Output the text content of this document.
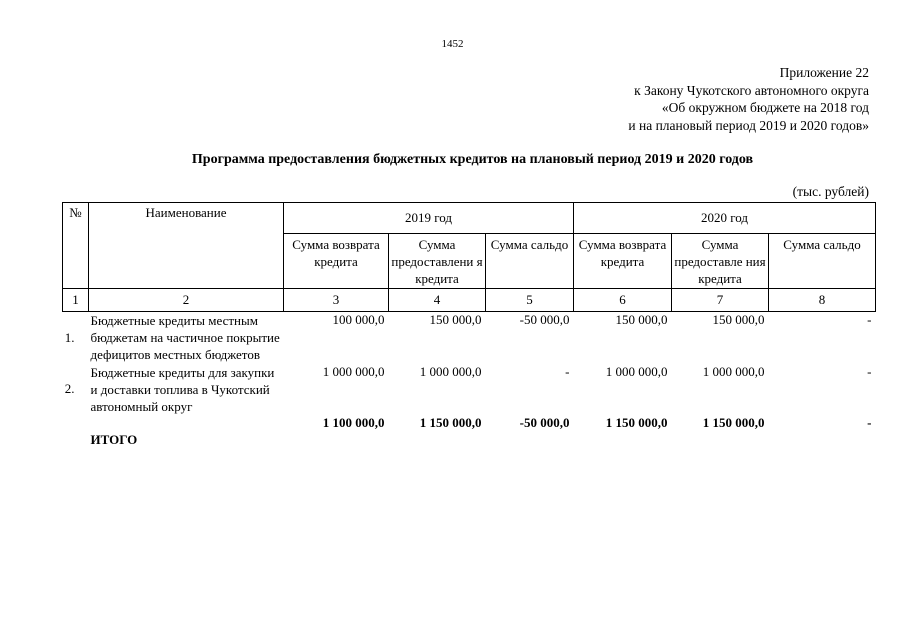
1452
Приложение 22
к Закону Чукотского автономного округа
«Об окружном бюджете на 2018 год
и на плановый период 2019 и 2020 годов»
Программа предоставления бюджетных кредитов на плановый период 2019 и 2020 годов
(тыс. рублей)
№	Наименование	2019 год			2020 год		
		Сумма возврата кредита	Сумма предоставлени я кредита	Сумма сальдо	Сумма возврата кредита	Сумма предоставле ния кредита	Сумма сальдо
1	2	3	4	5	6	7	8
1.	Бюджетные кредиты местным бюджетам на частичное покрытие дефицитов местных бюджетов	100 000,0	150 000,0	-50 000,0	150 000,0	150 000,0	-
2.	Бюджетные кредиты для закупки и доставки топлива в Чукотский автономный округ	1 000 000,0	1 000 000,0	-	1 000 000,0	1 000 000,0	-
	ИТОГО	1 100 000,0	1 150 000,0	-50 000,0	1 150 000,0	1 150 000,0	-
